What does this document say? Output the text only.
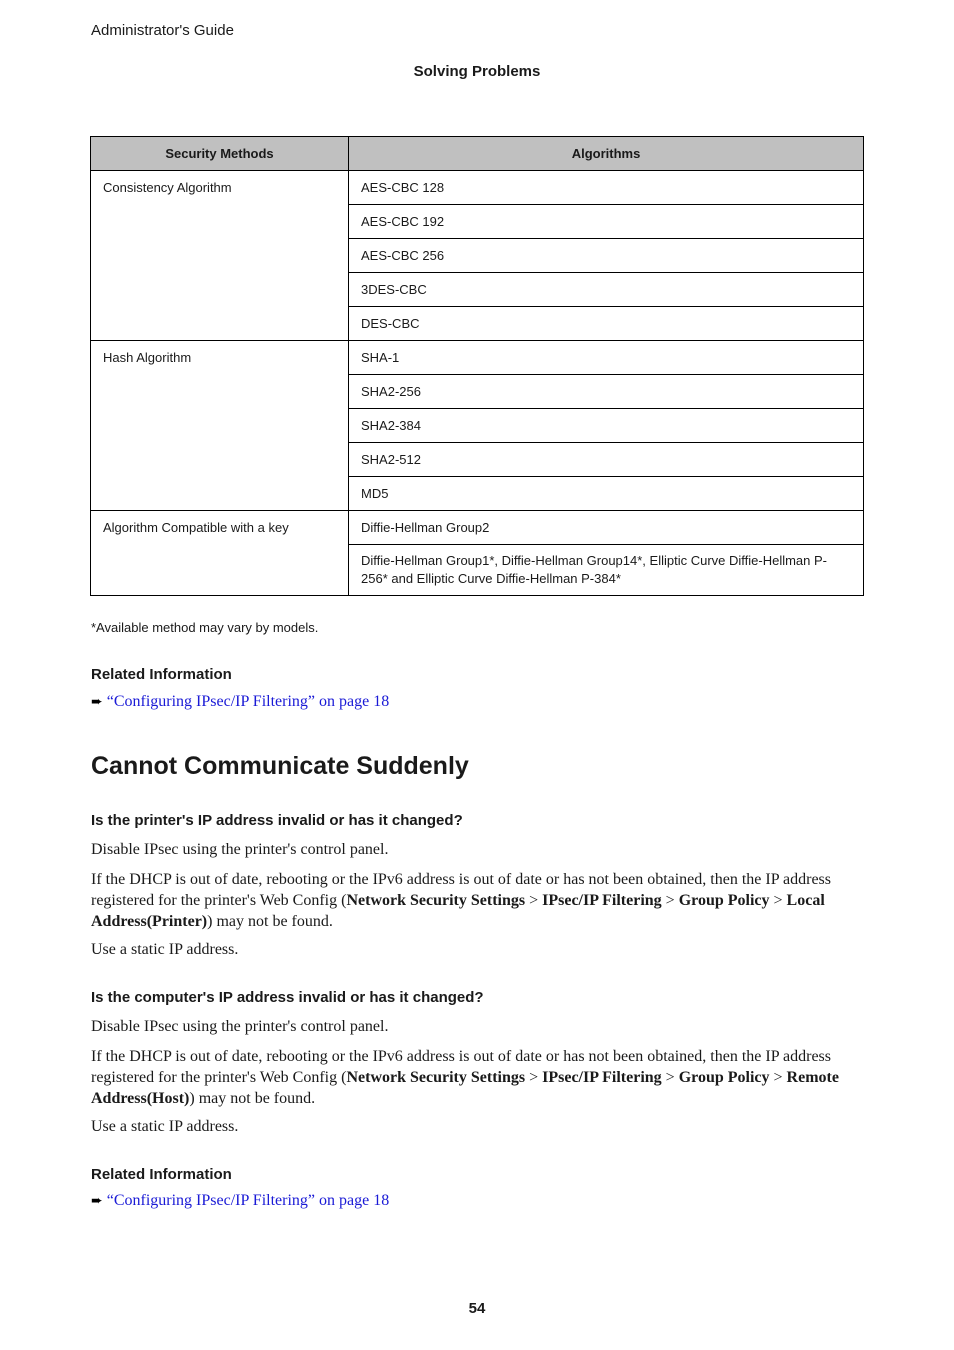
Administrator's Guide
Solving Problems
Security Methods	Algorithms
Consistency Algorithm	AES-CBC 128
	AES-CBC 192
	AES-CBC 256
	3DES-CBC
	DES-CBC
Hash Algorithm	SHA-1
	SHA2-256
	SHA2-384
	SHA2-512
	MD5
Algorithm Compatible with a key	Diffie-Hellman Group2
	Diffie-Hellman Group1*, Diffie-Hellman Group14*, Elliptic Curve Diffie-Hellman P-256* and Elliptic Curve Diffie-Hellman P-384*
*Available method may vary by models.
Related Information
➨ “Configuring IPsec/IP Filtering” on page 18
Cannot Communicate Suddenly
Is the printer's IP address invalid or has it changed?
Disable IPsec using the printer's control panel.
If the DHCP is out of date, rebooting or the IPv6 address is out of date or has not been obtained, then the IP address registered for the printer's Web Config (Network Security Settings > IPsec/IP Filtering > Group Policy > Local Address(Printer)) may not be found.
Use a static IP address.
Is the computer's IP address invalid or has it changed?
Disable IPsec using the printer's control panel.
If the DHCP is out of date, rebooting or the IPv6 address is out of date or has not been obtained, then the IP address registered for the printer's Web Config (Network Security Settings > IPsec/IP Filtering > Group Policy > Remote Address(Host)) may not be found.
Use a static IP address.
Related Information
➨ “Configuring IPsec/IP Filtering” on page 18
54
